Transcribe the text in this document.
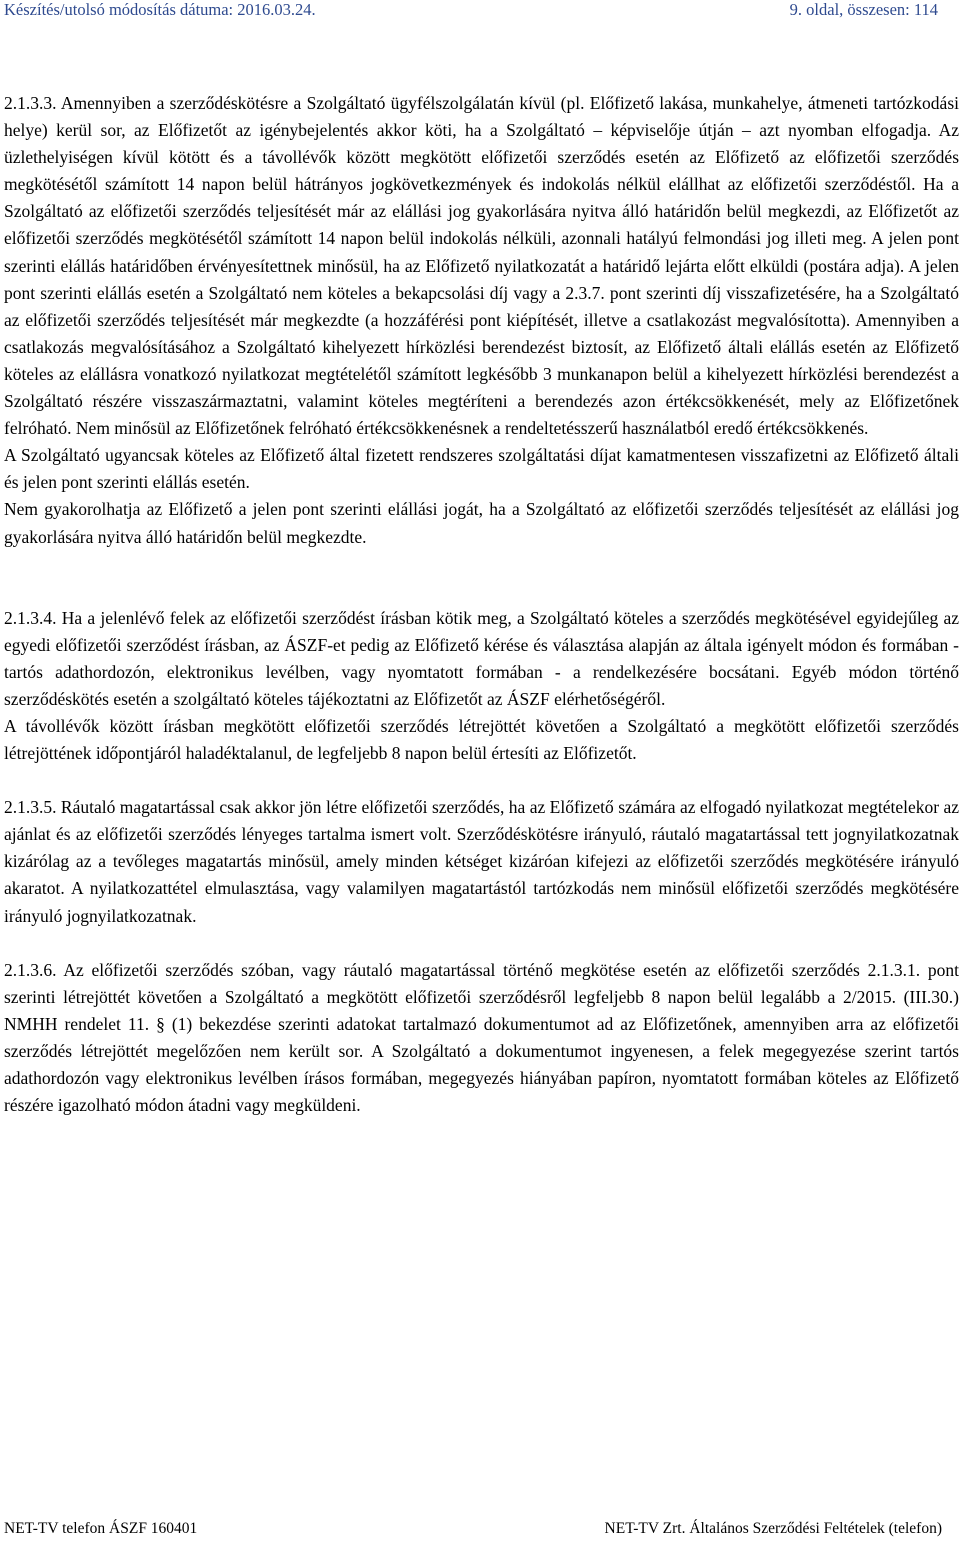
Készítés/utolsó módosítás dátuma: 2016.03.24.	9. oldal, összesen: 114

2.1.3.3. Amennyiben a szerződéskötésre a Szolgáltató ügyfélszolgálatán kívül (pl. Előfizető lakása, munkahelye, átmeneti tartózkodási helye) kerül sor, az Előfizetőt az igénybejelentés akkor köti, ha a Szolgáltató – képviselője útján – azt nyomban elfogadja. Az üzlethelyiségen kívül kötött és a távollévők között megkötött előfizetői szerződés esetén az Előfizető az előfizetői szerződés megkötésétől számított 14 napon belül hátrányos jogkövetkezmények és indokolás nélkül elállhat az előfizetői szerződéstől. Ha a Szolgáltató az előfizetői szerződés teljesítését már az elállási jog gyakorlására nyitva álló határidőn belül megkezdi, az Előfizetőt az előfizetői szerződés megkötésétől számított 14 napon belül indokolás nélküli, azonnali hatályú felmondási jog illeti meg. A jelen pont szerinti elállás határidőben érvényesítettnek minősül, ha az Előfizető nyilatkozatát a határidő lejárta előtt elküldi (postára adja). A jelen pont szerinti elállás esetén a Szolgáltató nem köteles a bekapcsolási díj vagy a 2.3.7. pont szerinti díj visszafizetésére, ha a Szolgáltató az előfizetői szerződés teljesítését már megkezdte (a hozzáférési pont kiépítését, illetve a csatlakozást megvalósította). Amennyiben a csatlakozás megvalósításához a Szolgáltató kihelyezett hírközlési berendezést biztosít, az Előfizető általi elállás esetén az Előfizető köteles az elállásra vonatkozó nyilatkozat megtételétől számított legkésőbb 3 munkanapon belül a kihelyezett hírközlési berendezést a Szolgáltató részére visszaszármaztatni, valamint köteles megtéríteni a berendezés azon értékcsökkenését, mely az Előfizetőnek felróható. Nem minősül az Előfizetőnek felróható értékcsökkenésnek a rendeltetésszerű használatból eredő értékcsökkenés.

A Szolgáltató ugyancsak köteles az Előfizető által fizetett rendszeres szolgáltatási díjat kamatmentesen visszafizetni az Előfizető általi és jelen pont szerinti elállás esetén.

Nem gyakorolhatja az Előfizető a jelen pont szerinti elállási jogát, ha a Szolgáltató az előfizetői szerződés teljesítését az elállási jog gyakorlására nyitva álló határidőn belül megkezdte.

2.1.3.4. Ha a jelenlévő felek az előfizetői szerződést írásban kötik meg, a Szolgáltató köteles a szerződés megkötésével egyidejűleg az egyedi előfizetői szerződést írásban, az ÁSZF-et pedig az Előfizető kérése és választása alapján az általa igényelt módon és formában - tartós adathordozón, elektronikus levélben, vagy nyomtatott formában - a rendelkezésére bocsátani. Egyéb módon történő szerződéskötés esetén a szolgáltató köteles tájékoztatni az Előfizetőt az ÁSZF elérhetőségéről.

A távollévők között írásban megkötött előfizetői szerződés létrejöttét követően a Szolgáltató a megkötött előfizetői szerződés létrejöttének időpontjáról haladéktalanul, de legfeljebb 8 napon belül értesíti az Előfizetőt.

2.1.3.5. Ráutaló magatartással csak akkor jön létre előfizetői szerződés, ha az Előfizető számára az elfogadó nyilatkozat megtételekor az ajánlat és az előfizetői szerződés lényeges tartalma ismert volt. Szerződéskötésre irányuló, ráutaló magatartással tett jognyilatkozatnak kizárólag az a tevőleges magatartás minősül, amely minden kétséget kizáróan kifejezi az előfizetői szerződés megkötésére irányuló akaratot. A nyilatkozattétel elmulasztása, vagy valamilyen magatartástól tartózkodás nem minősül előfizetői szerződés megkötésére irányuló jognyilatkozatnak.

2.1.3.6. Az előfizetői szerződés szóban, vagy ráutaló magatartással történő megkötése esetén az előfizetői szerződés 2.1.3.1. pont szerinti létrejöttét követően a Szolgáltató a megkötött előfizetői szerződésről legfeljebb 8 napon belül legalább a 2/2015. (III.30.) NMHH rendelet 11. § (1) bekezdése szerinti adatokat tartalmazó dokumentumot ad az Előfizetőnek, amennyiben arra az előfizetői szerződés létrejöttét megelőzően nem került sor. A Szolgáltató a dokumentumot ingyenesen, a felek megegyezése szerint tartós adathordozón vagy elektronikus levélben írásos formában, megegyezés hiányában papíron, nyomtatott formában köteles az Előfizető részére igazolható módon átadni vagy megküldeni.

NET-TV telefon ÁSZF 160401	NET-TV Zrt. Általános Szerződési Feltételek (telefon)
